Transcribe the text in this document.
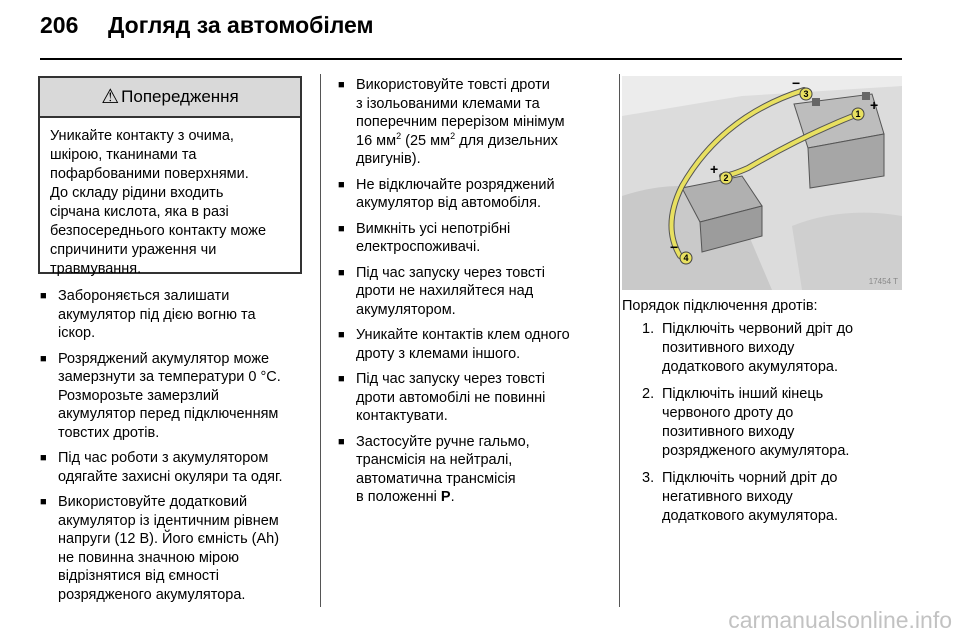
206 Догляд за автомобілем
⚠ Попередження
Уникайте контакту з очима,
шкірою, тканинами та
пофарбованими поверхнями.
До складу рідини входить
сірчана кислота, яка в разі
безпосереднього контакту може
спричинити ураження чи
травмування.
■ Забороняється залишати
акумулятор під дією вогню та
іскор.
■ Розряджений акумулятор може
замерзнути за температури 0 °C.
Розморозьте замерзлий
акумулятор перед підключенням
товстих дротів.
■ Під час роботи з акумулятором
одягайте захисні окуляри та одяг.
■ Використовуйте додатковий
акумулятор із ідентичним рівнем
напруги (12 В). Його ємність (Ah)
не повинна значною мірою
відрізнятися від ємності
розрядженого акумулятора.
■ Використовуйте товсті дроти
з ізольованими клемами та
поперечним перерізом мінімум
16 $мм^2$ (25 $мм^2$ для дизельних
двигунів).
■ Не відключайте розряджений
акумулятор від автомобіля.
■ Вимкніть усі непотрібні
електроспоживачі.
■ Під час запуску через товсті
дроти не нахиляйтеся над
акумулятором.
■ Уникайте контактів клем одного
дроту з клемами іншого.
■ Під час запуску через товсті
дроти автомобілі не повинні
контактувати.
■ Застосуйте ручне гальмо,
трансмісія на нейтралі,
автоматична трансмісія
в положенні P.
3
1
2
4
−
+
+
−
17454 T
Порядок підключення дротів:
1. Підключіть червоний дріт до
позитивного виходу
додаткового акумулятора.
2. Підключіть інший кінець
червоного дроту до
позитивного виходу
розрядженого акумулятора.
3. Підключіть чорний дріт до
негативного виходу
додаткового акумулятора.
carmanualsonline.info
